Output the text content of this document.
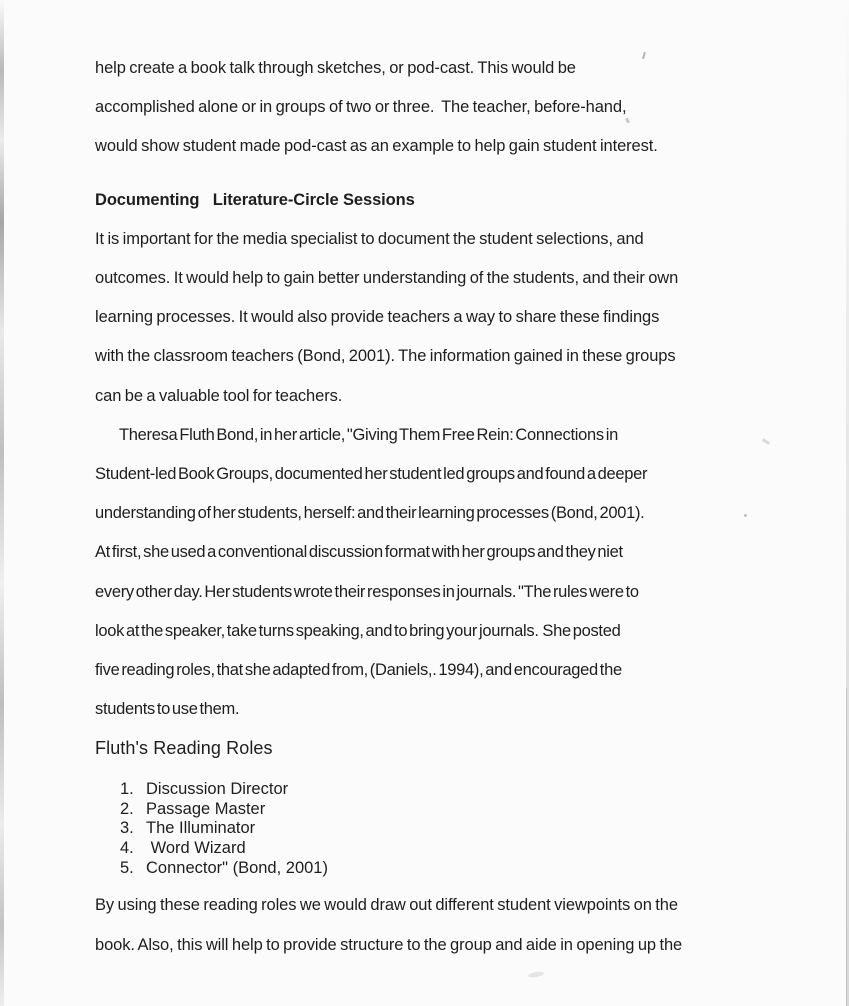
help create a book talk through sketches, or pod-cast. This would be
accomplished alone or in groups of two or three.  The teacher, before-hand,
would show student made pod-cast as an example to help gain student interest.
Documenting   Literature-Circle Sessions
It is important for the media specialist to document the student selections, and
outcomes. It would help to gain better understanding of the students, and their own
learning processes. It would also provide teachers a way to share these findings
with the classroom teachers (Bond, 2001). The information gained in these groups
can be a valuable tool for teachers.
Theresa Fluth Bond, in her article, "Giving Them Free Rein: Connections in
Student-led Book Groups, documented her student led groups and found a deeper
understanding of her students, herself: and their learning processes (Bond, 2001).
At first, she used a conventional discussion format with her groups and they niet
every other day. Her students wrote their responses in journals. "The rules were to
look at the speaker, take turns speaking, and to bring your journals.  She posted
five reading roles, that she adapted from, (Daniels,. 1994), and encouraged the
students to use them.
Fluth's Reading Roles
1. Discussion Director
2. Passage Master
3. The Illuminator
4. Word Wizard
5. Connector" (Bond, 2001)
By using these reading roles we would draw out different student viewpoints on the
book. Also, this will help to provide structure to the group and aide in opening up the
